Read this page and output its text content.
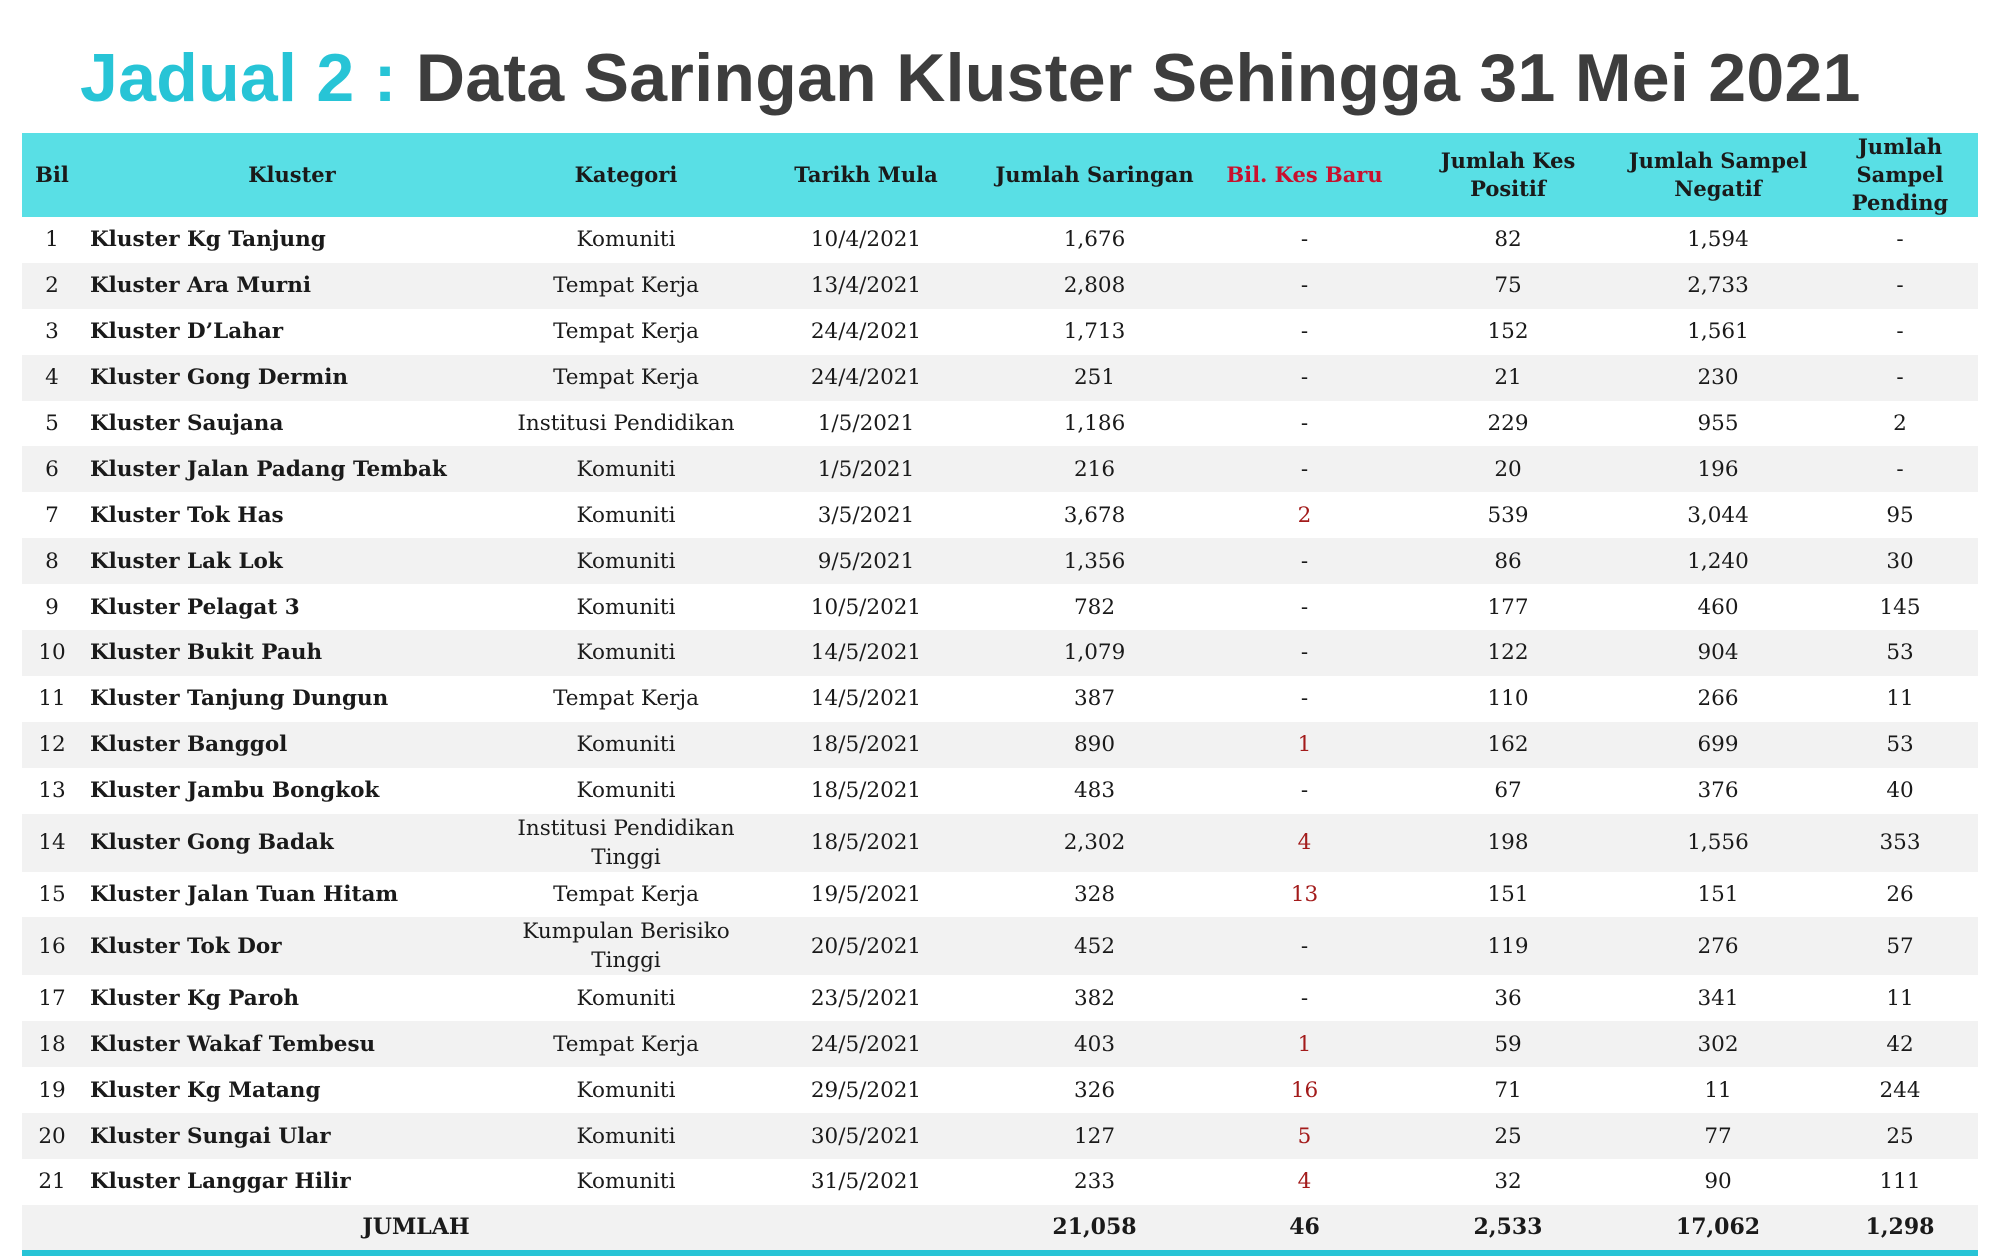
Jadual 2 : Data Saringan Kluster Sehingga 31 Mei 2021
Bil	Kluster	Kategori	Tarikh Mula	Jumlah Saringan	Bil. Kes Baru	Jumlah Kes Positif	Jumlah Sampel Negatif	Jumlah Sampel Pending
1	Kluster Kg Tanjung	Komuniti	10/4/2021	1,676	-	82	1,594	-
2	Kluster Ara Murni	Tempat Kerja	13/4/2021	2,808	-	75	2,733	-
3	Kluster D’Lahar	Tempat Kerja	24/4/2021	1,713	-	152	1,561	-
4	Kluster Gong Dermin	Tempat Kerja	24/4/2021	251	-	21	230	-
5	Kluster Saujana	Institusi Pendidikan	1/5/2021	1,186	-	229	955	2
6	Kluster Jalan Padang Tembak	Komuniti	1/5/2021	216	-	20	196	-
7	Kluster Tok Has	Komuniti	3/5/2021	3,678	2	539	3,044	95
8	Kluster Lak Lok	Komuniti	9/5/2021	1,356	-	86	1,240	30
9	Kluster Pelagat 3	Komuniti	10/5/2021	782	-	177	460	145
10	Kluster Bukit Pauh	Komuniti	14/5/2021	1,079	-	122	904	53
11	Kluster Tanjung Dungun	Tempat Kerja	14/5/2021	387	-	110	266	11
12	Kluster Banggol	Komuniti	18/5/2021	890	1	162	699	53
13	Kluster Jambu Bongkok	Komuniti	18/5/2021	483	-	67	376	40
14	Kluster Gong Badak	Institusi Pendidikan Tinggi	18/5/2021	2,302	4	198	1,556	353
15	Kluster Jalan Tuan Hitam	Tempat Kerja	19/5/2021	328	13	151	151	26
16	Kluster Tok Dor	Kumpulan Berisiko Tinggi	20/5/2021	452	-	119	276	57
17	Kluster Kg Paroh	Komuniti	23/5/2021	382	-	36	341	11
18	Kluster Wakaf Tembesu	Tempat Kerja	24/5/2021	403	1	59	302	42
19	Kluster Kg Matang	Komuniti	29/5/2021	326	16	71	11	244
20	Kluster Sungai Ular	Komuniti	30/5/2021	127	5	25	77	25
21	Kluster Langgar Hilir	Komuniti	31/5/2021	233	4	32	90	111
	JUMLAH			21,058	46	2,533	17,062	1,298
